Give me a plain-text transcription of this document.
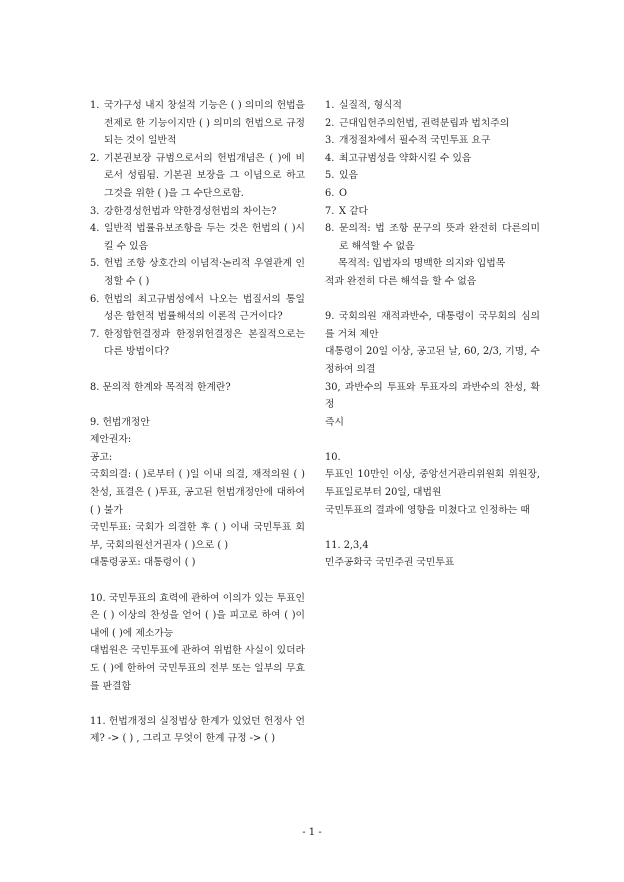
1. 국가구성 내지 창설적 기능은 ( ) 의미의 헌법을 전제로 한 기능이지만 ( ) 의미의 헌법으로 규정되는 것이 일반적
2. 기본권보장 규범으로서의 헌법개념은 ( )에 비로서 성립됨. 기본권 보장을 그 이념으로 하고 그것을 위한 ( )을 그 수단으로함.
3. 강한경성헌법과 약한경성헌법의 차이는?
4. 일반적 법률유보조항을 두는 것은 헌법의 ( )시킬 수 있음
5. 헌법 조항 상호간의 이념적·논리적 우열관계 인정할 수 ( )
6. 헌법의 최고규범성에서 나오는 법질서의 통일성은 합헌적 법률해석의 이론적 근거이다?
7. 한정합헌결정과 한정위헌결정은 본질적으로는 다른 방법이다?
8. 문의적 한계와 목적적 한계란?
9. 헌법개정안
제안권자:
공고:
국회의결: ( )로부터 ( )일 이내 의결, 재적의원 ( ) 찬성, 표결은 ( )투표, 공고된 헌법개정안에 대하여 ( ) 불가
국민투표: 국회가 의결한 후 ( ) 이내 국민투표 회부, 국회의원선거권자 ( )으로 ( )
대통령공포: 대통령이 ( )
10. 국민투표의 효력에 관하여 이의가 있는 투표인은 ( ) 이상의 찬성을 얻어 ( )을 피고로 하여 ( )이내에 ( )에 제소가능
대법원은 국민투표에 관하여 위법한 사실이 있더라도 ( )에 한하여 국민투표의 전부 또는 일부의 무효를 판결함
11. 헌법개정의 실정법상 한계가 있었던 헌정사 언제? -> ( ) , 그리고 무엇이 한계 규정 -> ( )
1. 실질적, 형식적
2. 근대입헌주의헌법, 권력분립과 법치주의
3. 개정절차에서 필수적 국민투표 요구
4. 최고규범성을 약화시킬 수 있음
5. 있음
6. O
7. X 같다
8. 문의적: 법 조항 문구의 뜻과 완전히 다른의미로 해석할 수 없음
목적적: 입법자의 명백한 의지와 입법목
적과 완전히 다른 해석을 할 수 없음
9. 국회의원 재적과반수, 대통령이 국무회의 심의를 거쳐 제안
대통령이 20일 이상, 공고된 날, 60, 2/3, 기명, 수정하여 의결
30, 과반수의 투표와 투표자의 과반수의 찬성, 확정
즉시
10.
투표인 10만인 이상, 중앙선거관리위원회 위원장, 투표일로부터 20일, 대법원
국민투표의 결과에 영향을 미쳤다고 인정하는 때
11. 2,3,4
민주공화국 국민주권 국민투표
- 1 -
